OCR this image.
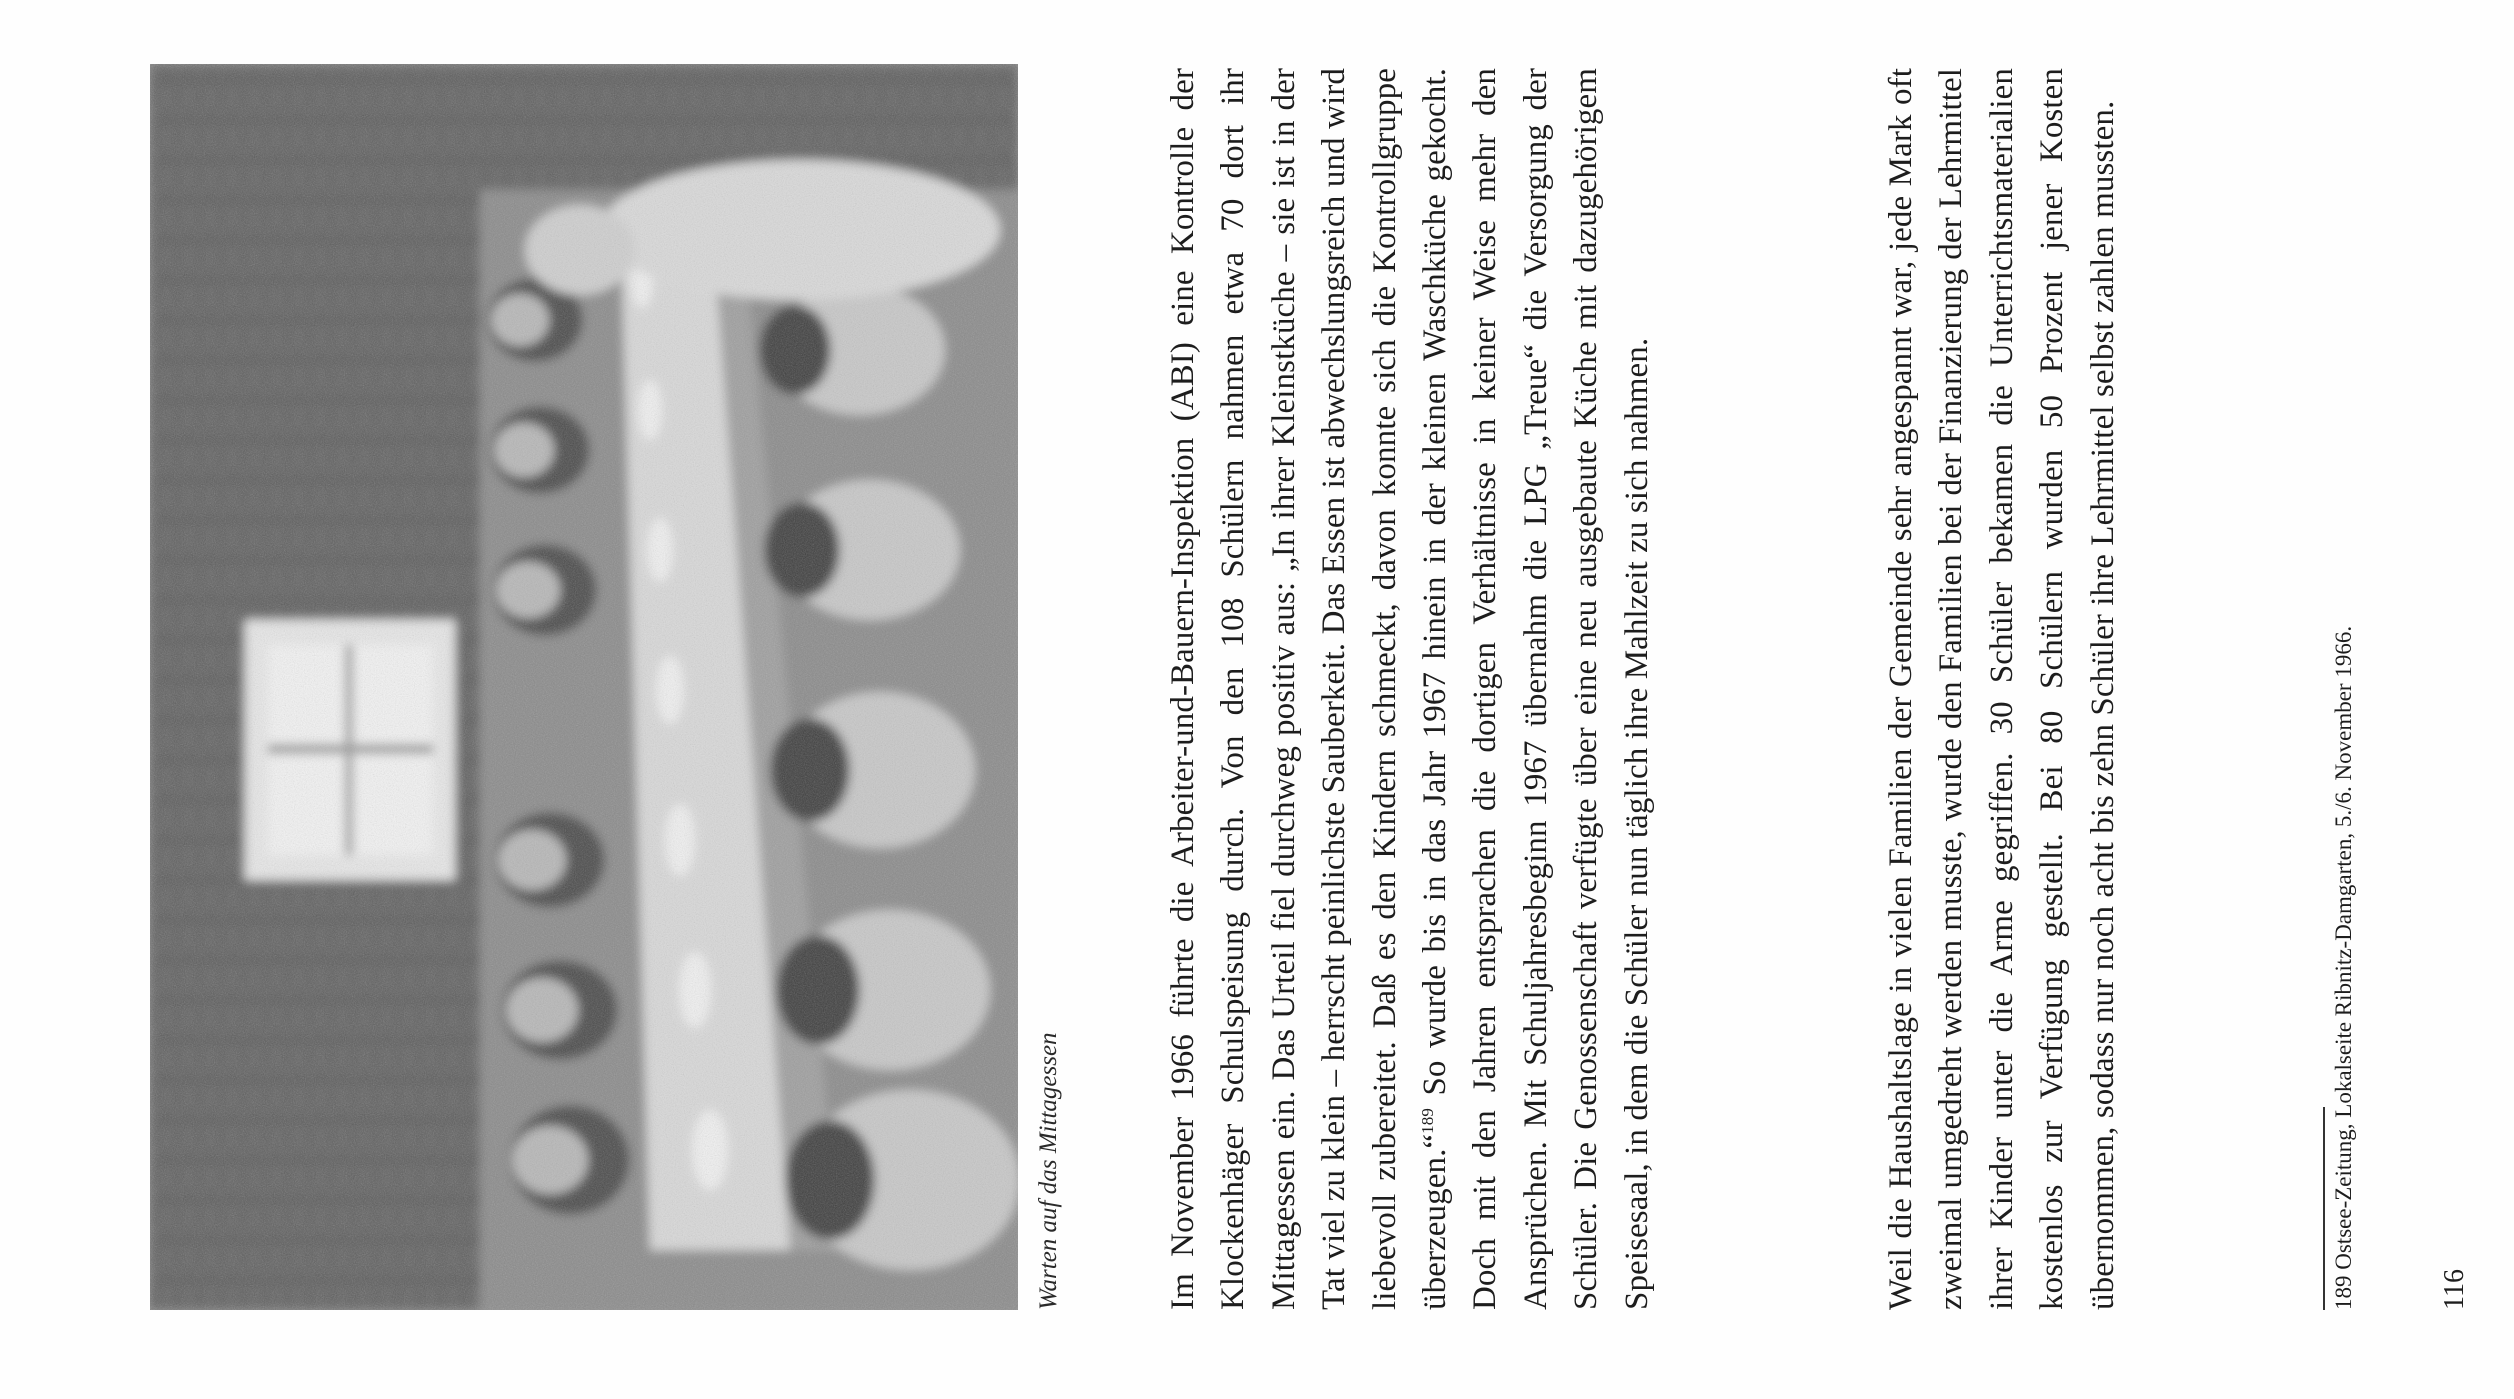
Warten auf das Mittagessen	Im November 1966 führte die Arbeiter-und-Bauern-Inspektion (ABI) eine Kontrolle der Klockenhäger Schulspeisung durch. Von den 108 Schülern nahmen etwa 70 dort ihr Mittagessen ein. Das Urteil fiel durchweg positiv aus: „In ihrer Kleinstküche – sie ist in der Tat viel zu klein – herrscht peinlichste Sauberkeit. Das Essen ist abwechslungsreich und wird liebevoll zubereitet. Daß es den Kindern schmeckt, davon konnte sich die Kontrollgruppe überzeugen.“$^{189}$ So wurde bis in das Jahr 1967 hinein in der kleinen Waschküche gekocht. Doch mit den Jahren entsprachen die dortigen Verhältnisse in keiner Weise mehr den Ansprüchen. Mit Schuljahresbeginn 1967 übernahm die LPG „Treue“ die Versorgung der Schüler. Die Genossenschaft verfügte über eine neu ausgebaute Küche mit dazugehörigem Speisesaal, in dem die Schüler nun täglich ihre Mahlzeit zu sich nahmen.	Weil die Haushaltslage in vielen Familien der Gemeinde sehr angespannt war, jede Mark oft zweimal umgedreht werden musste, wurde den Familien bei der Finanzierung der Lehrmittel ihrer Kinder unter die Arme gegriffen. 30 Schüler bekamen die Unterrichtsmaterialien kostenlos zur Verfügung gestellt. Bei 80 Schülern wurden 50 Prozent jener Kosten übernommen, sodass nur noch acht bis zehn Schüler ihre Lehrmittel selbst zahlen mussten.	189 Ostsee-Zeitung, Lokalseite Ribnitz-Damgarten, 5./6. November 1966.	116
